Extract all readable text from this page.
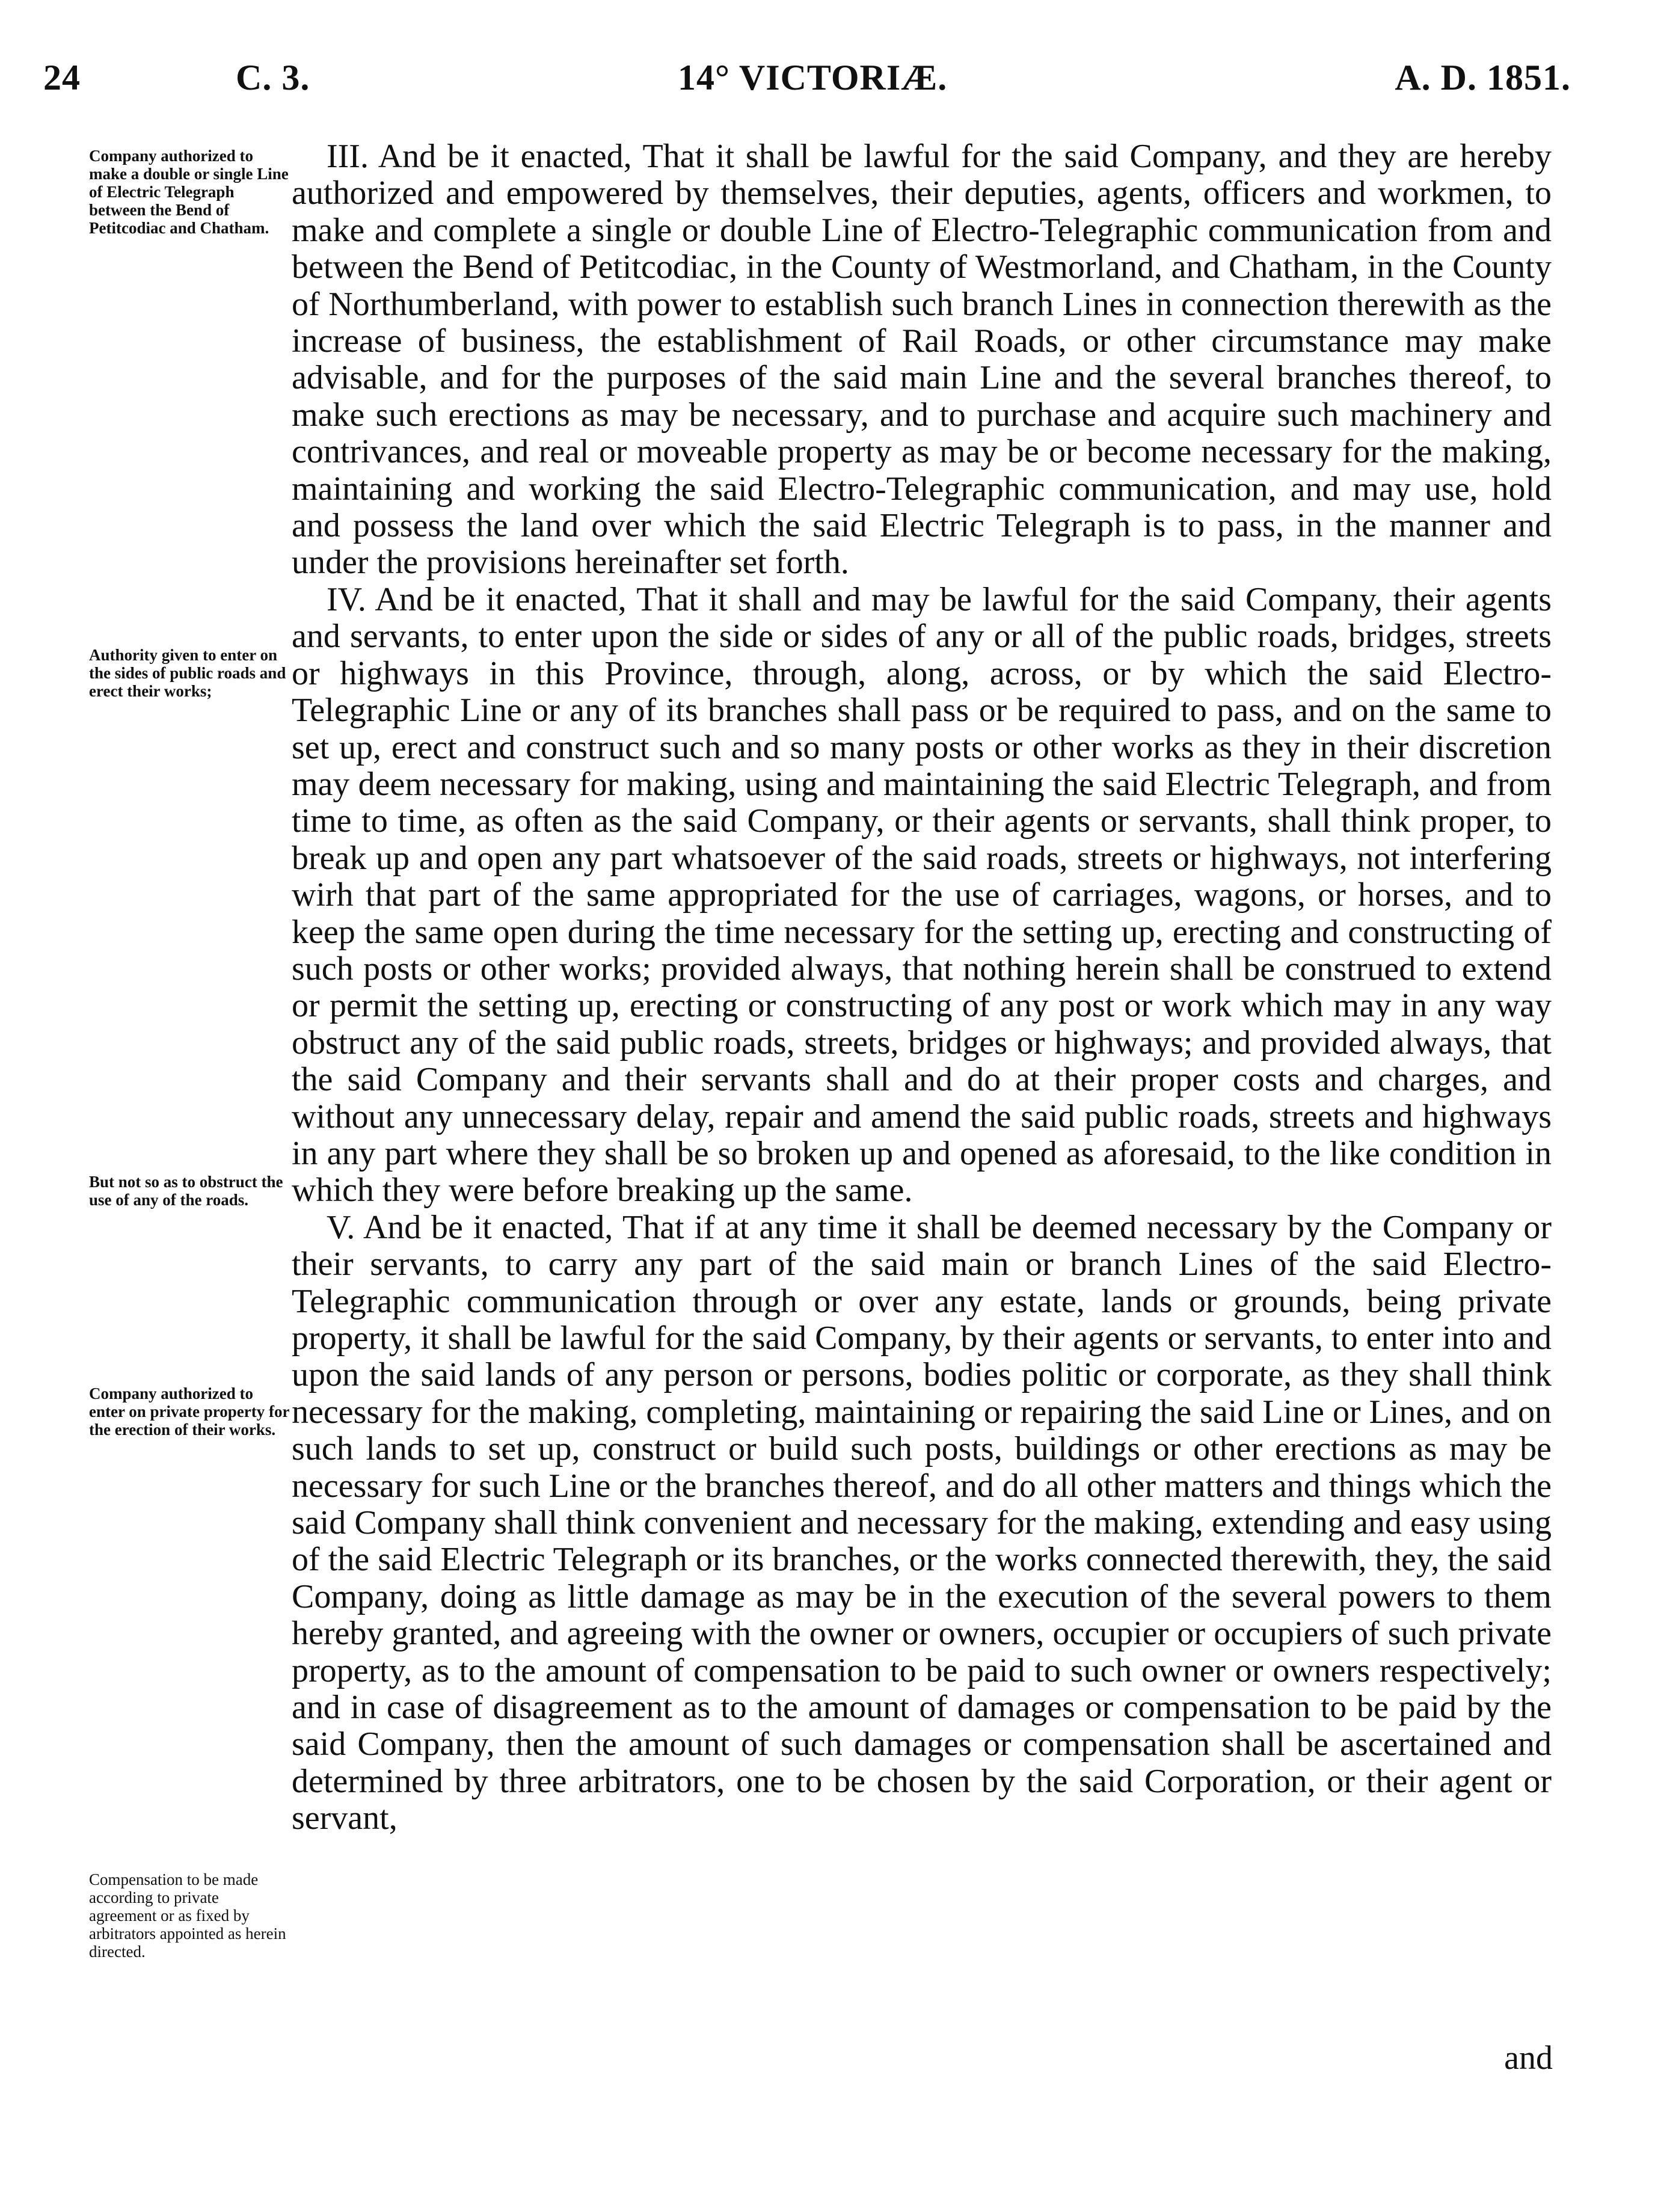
24	C. 3.	14° VICTORIÆ.	A. D. 1851.
Company authorized to make a double or single Line of Electric Telegraph between the Bend of Petitcodiac and Chatham.
Authority given to enter on the sides of public roads and erect their works;
But not so as to obstruct the use of any of the roads.
Company authorized to enter on private property for the erection of their works.
Compensation to be made according to private agreement or as fixed by arbitrators appointed as herein directed.

III. And be it enacted, That it shall be lawful for the said Company, and they are hereby authorized and empowered by themselves, their deputies, agents, officers and workmen, to make and complete a single or double Line of Electro-Telegraphic communication from and between the Bend of Petitcodiac, in the County of Westmorland, and Chatham, in the County of Northumberland, with power to establish such branch Lines in connection therewith as the increase of business, the establishment of Rail Roads, or other circumstance may make advisable, and for the purposes of the said main Line and the several branches thereof, to make such erections as may be necessary, and to purchase and acquire such machinery and contrivances, and real or moveable property as may be or become necessary for the making, maintaining and working the said Electro-Telegraphic communication, and may use, hold and possess the land over which the said Electric Telegraph is to pass, in the manner and under the provisions hereinafter set forth.

IV. And be it enacted, That it shall and may be lawful for the said Company, their agents and servants, to enter upon the side or sides of any or all of the public roads, bridges, streets or highways in this Province, through, along, across, or by which the said Electro-Telegraphic Line or any of its branches shall pass or be required to pass, and on the same to set up, erect and construct such and so many posts or other works as they in their discretion may deem necessary for making, using and maintaining the said Electric Telegraph, and from time to time, as often as the said Company, or their agents or servants, shall think proper, to break up and open any part whatsoever of the said roads, streets or highways, not interfering wirh that part of the same appropriated for the use of carriages, wagons, or horses, and to keep the same open during the time necessary for the setting up, erecting and constructing of such posts or other works; provided always, that nothing herein shall be construed to extend or permit the setting up, erecting or constructing of any post or work which may in any way obstruct any of the said public roads, streets, bridges or highways; and provided always, that the said Company and their servants shall and do at their proper costs and charges, and without any unnecessary delay, repair and amend the said public roads, streets and highways in any part where they shall be so broken up and opened as aforesaid, to the like condition in which they were before breaking up the same.

V. And be it enacted, That if at any time it shall be deemed necessary by the Company or their servants, to carry any part of the said main or branch Lines of the said Electro-Telegraphic communication through or over any estate, lands or grounds, being private property, it shall be lawful for the said Company, by their agents or servants, to enter into and upon the said lands of any person or persons, bodies politic or corporate, as they shall think necessary for the making, completing, maintaining or repairing the said Line or Lines, and on such lands to set up, construct or build such posts, buildings or other erections as may be necessary for such Line or the branches thereof, and do all other matters and things which the said Company shall think convenient and necessary for the making, extending and easy using of the said Electric Telegraph or its branches, or the works connected therewith, they, the said Company, doing as little damage as may be in the execution of the several powers to them hereby granted, and agreeing with the owner or owners, occupier or occupiers of such private property, as to the amount of compensation to be paid to such owner or owners respectively; and in case of disagreement as to the amount of damages or compensation to be paid by the said Company, then the amount of such damages or compensation shall be ascertained and determined by three arbitrators, one to be chosen by the said Corporation, or their agent or servant,

and
